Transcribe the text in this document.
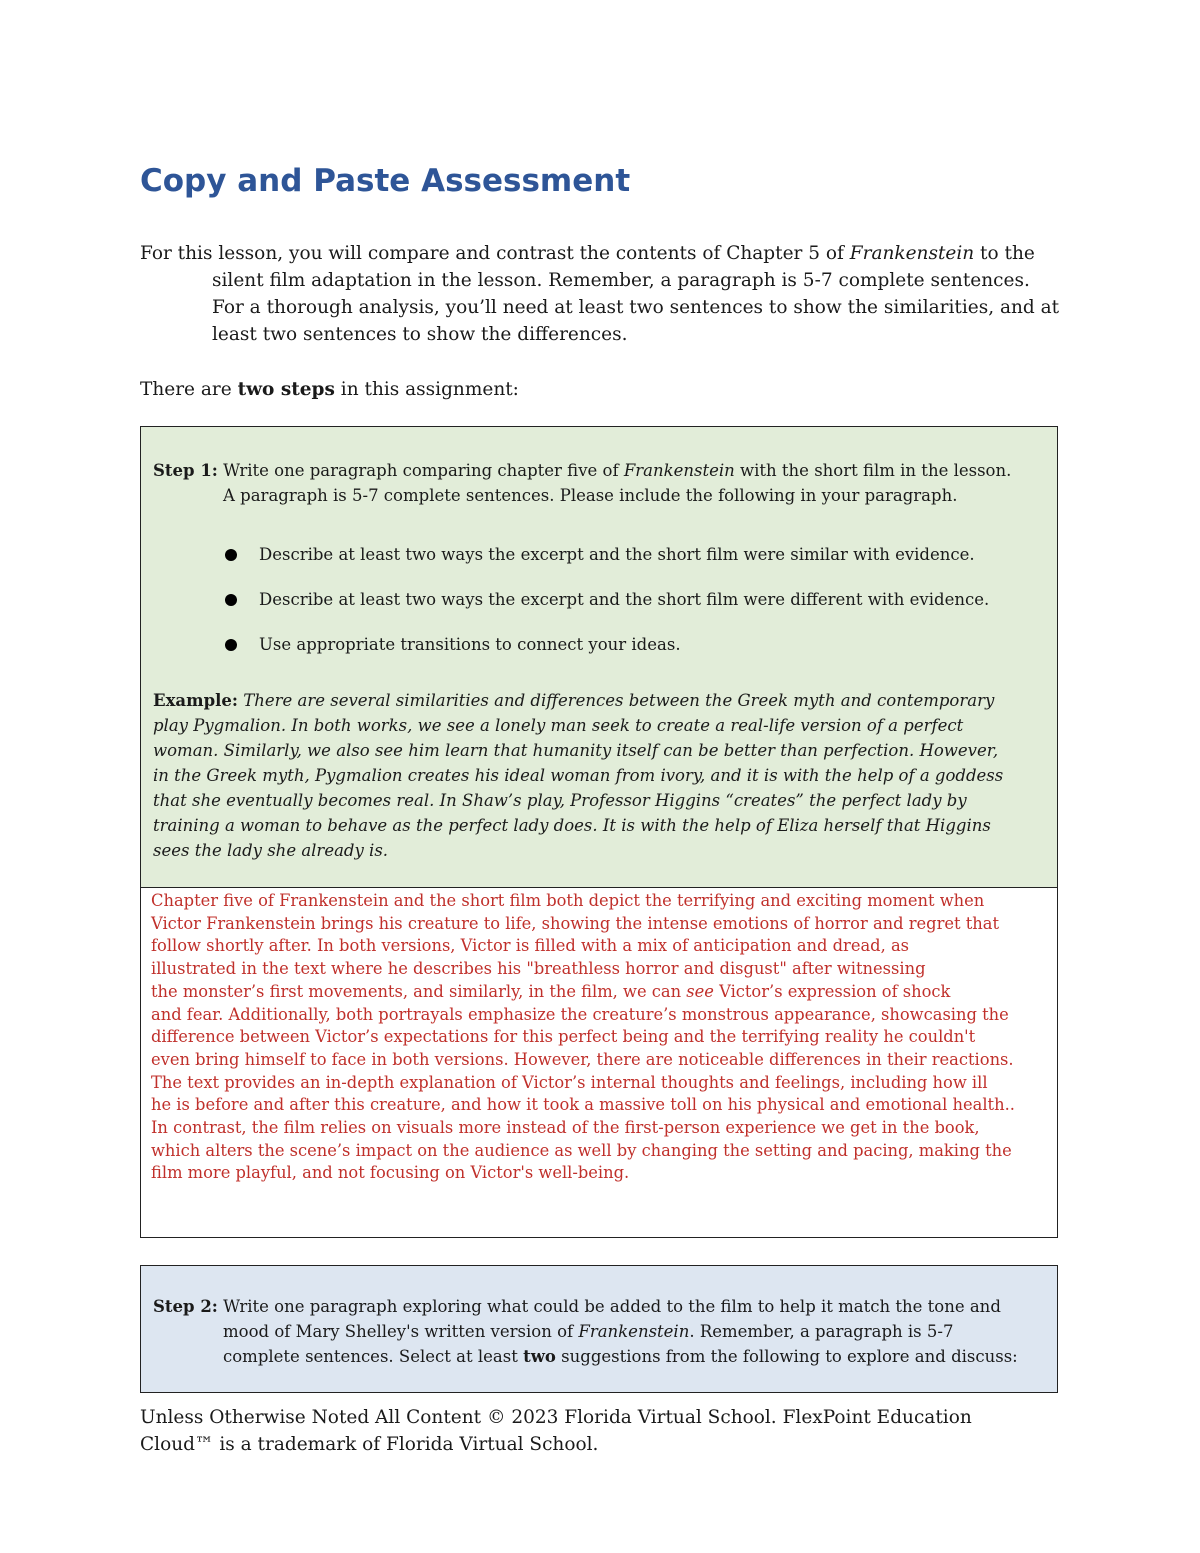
Copy and Paste Assessment

For this lesson, you will compare and contrast the contents of Chapter 5 of Frankenstein to the

silent film adaptation in the lesson. Remember, a paragraph is 5-7 complete sentences.

For a thorough analysis, you’ll need at least two sentences to show the similarities, and at

least two sentences to show the differences.

There are two steps in this assignment:

Step 1: Write one paragraph comparing chapter five of Frankenstein with the short film in the lesson.
A paragraph is 5-7 complete sentences. Please include the following in your paragraph.
Describe at least two ways the excerpt and the short film were similar with evidence.
Describe at least two ways the excerpt and the short film were different with evidence.
Use appropriate transitions to connect your ideas.
Example: There are several similarities and differences between the Greek myth and contemporary
play Pygmalion. In both works, we see a lonely man seek to create a real-life version of a perfect
woman. Similarly, we also see him learn that humanity itself can be better than perfection. However,
in the Greek myth, Pygmalion creates his ideal woman from ivory, and it is with the help of a goddess
that she eventually becomes real. In Shaw’s play, Professor Higgins “creates” the perfect lady by
training a woman to behave as the perfect lady does. It is with the help of Eliza herself that Higgins
sees the lady she already is.
Chapter five of Frankenstein and the short film both depict the terrifying and exciting moment when
Victor Frankenstein brings his creature to life, showing the intense emotions of horror and regret that
follow shortly after. In both versions, Victor is filled with a mix of anticipation and dread, as
illustrated in the text where he describes his "breathless horror and disgust" after witnessing
the monster’s first movements, and similarly, in the film, we can see Victor’s expression of shock
and fear. Additionally, both portrayals emphasize the creature’s monstrous appearance, showcasing the
difference between Victor’s expectations for this perfect being and the terrifying reality he couldn't
even bring himself to face in both versions. However, there are noticeable differences in their reactions.
The text provides an in-depth explanation of Victor’s internal thoughts and feelings, including how ill
he is before and after this creature, and how it took a massive toll on his physical and emotional health..
In contrast, the film relies on visuals more instead of the first-person experience we get in the book,
which alters the scene’s impact on the audience as well by changing the setting and pacing, making the
film more playful, and not focusing on Victor's well-being.
Step 2: Write one paragraph exploring what could be added to the film to help it match the tone and
mood of Mary Shelley's written version of Frankenstein. Remember, a paragraph is 5-7
complete sentences. Select at least two suggestions from the following to explore and discuss:
Unless Otherwise Noted All Content © 2023 Florida Virtual School. FlexPoint Education
Cloud™ is a trademark of Florida Virtual School.
